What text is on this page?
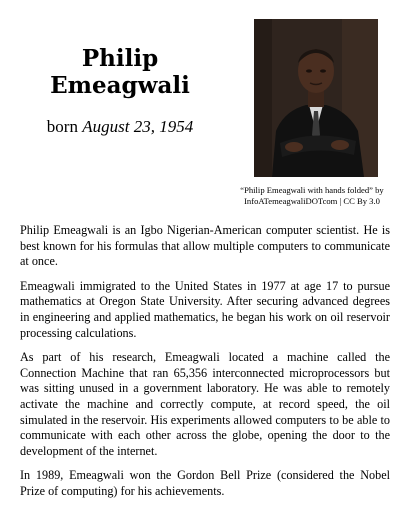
Philip
Emeagwali
born August 23, 1954
“Philip Emeagwali with hands folded” by
InfoATemeagwaliDOTcom | CC By 3.0

Philip Emeagwali is an Igbo Nigerian-American computer scientist. He is best known for his formulas that allow multiple computers to communicate at once.

Emeagwali immigrated to the United States in 1977 at age 17 to pursue mathematics at Oregon State University. After securing advanced degrees in engineering and applied mathematics, he began his work on oil reservoir processing calculations.

As part of his research, Emeagwali located a machine called the Connection Machine that ran 65,356 interconnected microprocessors but was sitting unused in a government laboratory. He was able to remotely activate the machine and correctly compute, at record speed, the oil simulated in the reservoir. His experiments allowed computers to be able to communicate with each other across the globe, opening the door to the development of the internet.

In 1989, Emeagwali won the Gordon Bell Prize (considered the Nobel Prize of computing) for his achievements.
